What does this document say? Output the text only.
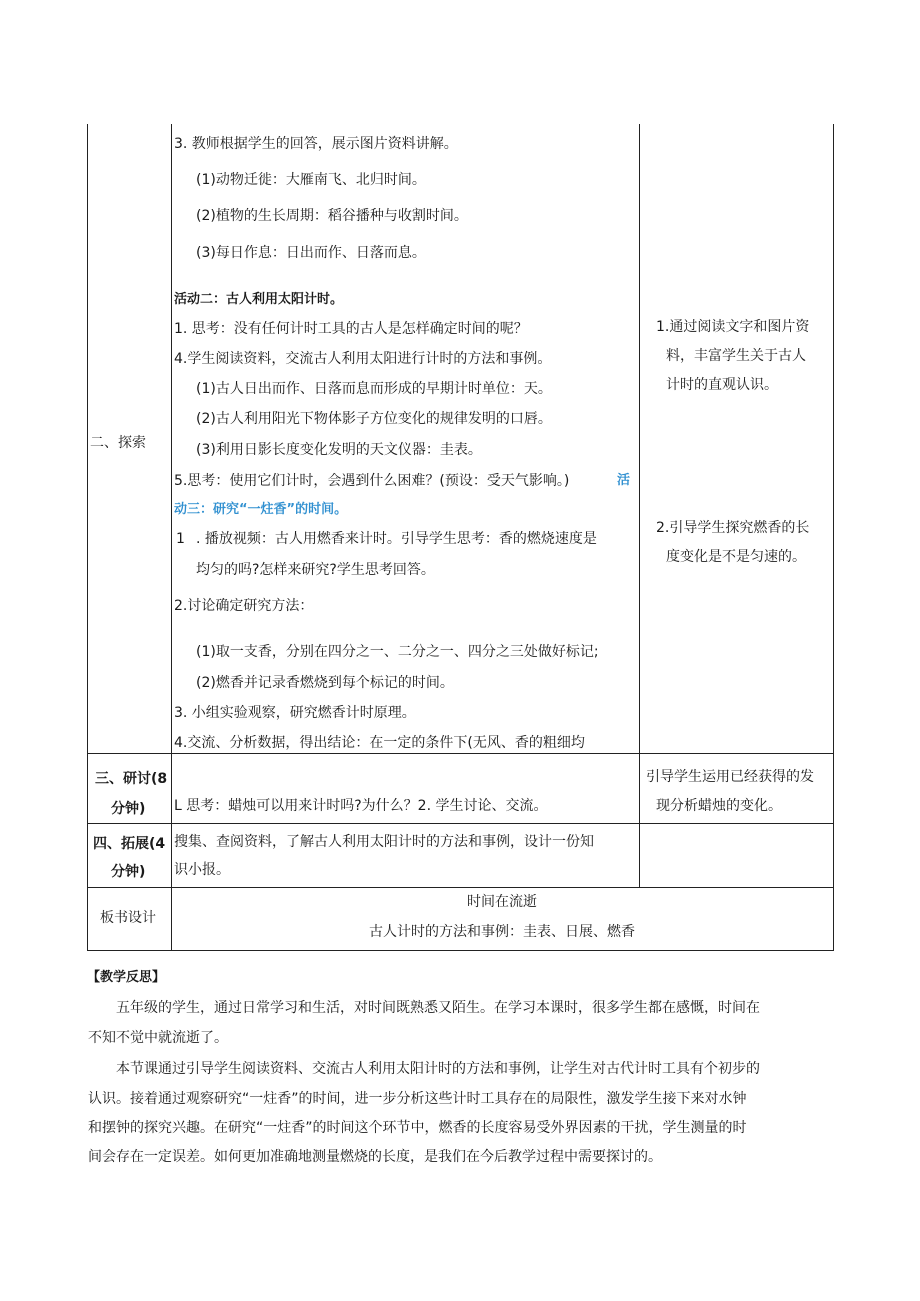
二、探索
3. 教师根据学生的回答，展示图片资料讲解。
(1)动物迁徙：大雁南飞、北归时间。
(2)植物的生长周期：稻谷播种与收割时间。
(3)每日作息：日出而作、日落而息。
活动二：古人利用太阳计时。
1. 思考：没有任何计时工具的古人是怎样确定时间的呢？
4.学生阅读资料，交流古人利用太阳进行计时的方法和事例。
(1)古人日出而作、日落而息而形成的早期计时单位：天。
(2)古人利用阳光下物体影子方位变化的规律发明的口唇。
(3)利用日影长度变化发明的天文仪器：圭表。
5.思考：使用它们计时，会遇到什么困难？(预设：受天气影响。)	活
动三：研究“一炷香”的时间。
1 . 播放视频：古人用燃香来计时。引导学生思考：香的燃烧速度是
均匀的吗?怎样来研究?学生思考回答。
2.讨论确定研究方法：
(1)取一支香，分别在四分之一、二分之一、四分之三处做好标记;
(2)燃香并记录香燃烧到每个标记的时间。
3. 小组实验观察，研究燃香计时原理。
4.交流、分析数据，得出结论：在一定的条件下(无风、香的粗细均
1.通过阅读文字和图片资
料，丰富学生关于古人
计时的直观认识。
2.引导学生探究燃香的长
度变化是不是匀速的。
三、研讨(8
分钟) L 思考：蜡烛可以用来计时吗?为什么？2. 学生讨论、交流。
引导学生运用已经获得的发
现分析蜡烛的变化。
四、拓展(4
分钟)
搜集、查阅资料，了解古人利用太阳计时的方法和事例，设计一份知
识小报。
板书设计
时间在流逝
古人计时的方法和事例：圭表、日展、燃香
【教学反思】
五年级的学生，通过日常学习和生活，对时间既熟悉又陌生。在学习本课时，很多学生都在感慨，时间在
不知不觉中就流逝了。
本节课通过引导学生阅读资料、交流古人利用太阳计时的方法和事例，让学生对古代计时工具有个初步的
认识。接着通过观察研究“一炷香”的时间，进一步分析这些计时工具存在的局限性，激发学生接下来对水钟
和摆钟的探究兴趣。在研究“一炷香”的时间这个环节中，燃香的长度容易受外界因素的干扰，学生测量的时
间会存在一定误差。如何更加准确地测量燃烧的长度，是我们在今后教学过程中需要探讨的。
